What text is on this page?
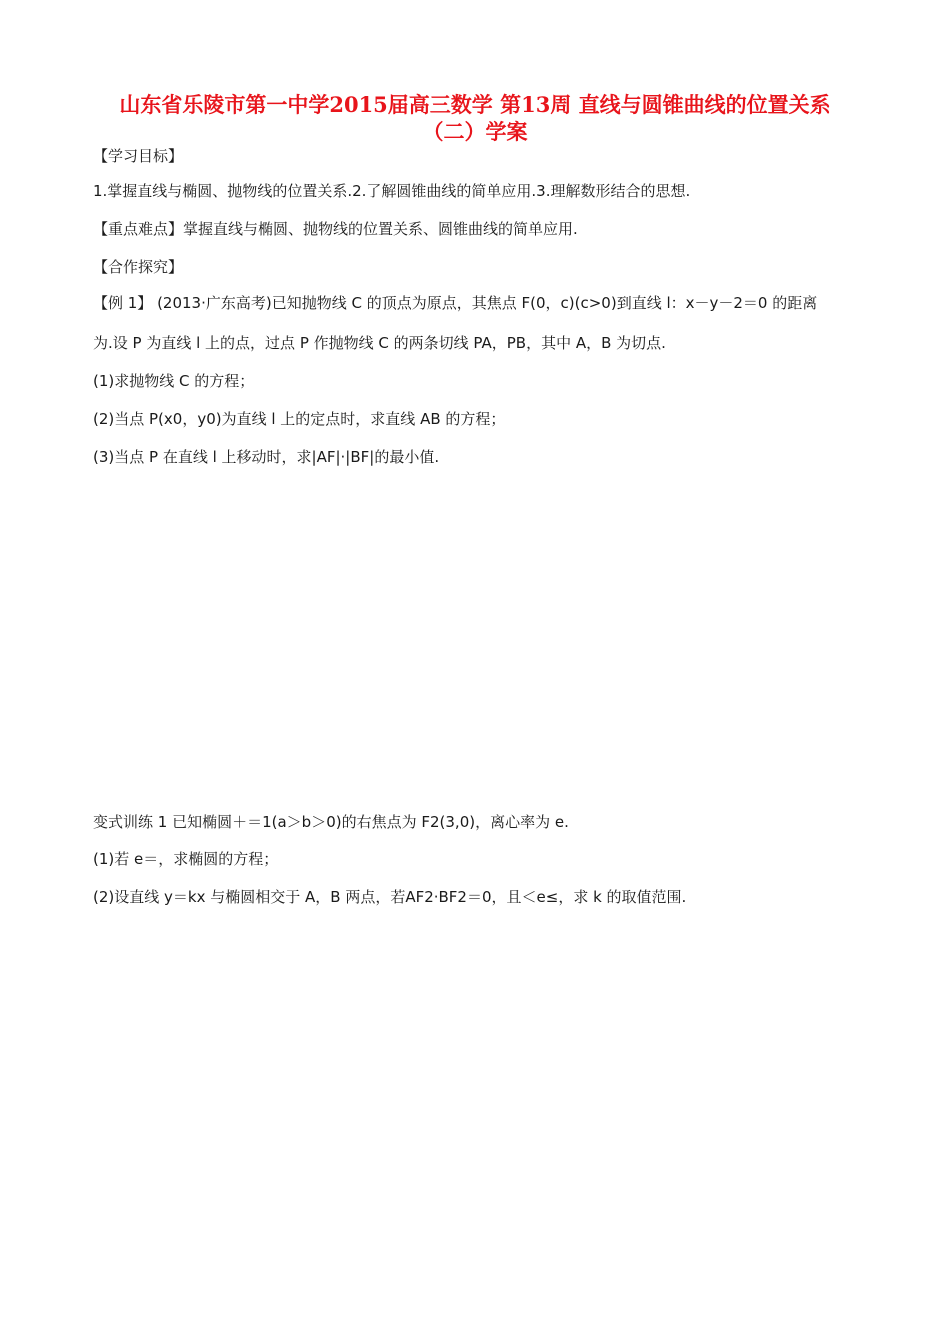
山东省乐陵市第一中学2015届高三数学 第13周 直线与圆锥曲线的位置关系
（二）学案
【学习目标】
1.掌握直线与椭圆、抛物线的位置关系.2.了解圆锥曲线的简单应用.3.理解数形结合的思想.
【重点难点】掌握直线与椭圆、抛物线的位置关系、圆锥曲线的简单应用.
【合作探究】
【例 1】 (2013·广东高考)已知抛物线 C 的顶点为原点，其焦点 F(0，c)(c>0)到直线 l：x－y－2＝0 的距离
为.设 P 为直线 l 上的点，过点 P 作抛物线 C 的两条切线 PA，PB，其中 A，B 为切点.
(1)求抛物线 C 的方程；
(2)当点 P(x0，y0)为直线 l 上的定点时，求直线 AB 的方程；
(3)当点 P 在直线 l 上移动时，求|AF|·|BF|的最小值.
变式训练 1 已知椭圆＋＝1(a＞b＞0)的右焦点为 F2(3,0)，离心率为 e.
(1)若 e＝，求椭圆的方程；
(2)设直线 y＝kx 与椭圆相交于 A，B 两点，若AF2·BF2＝0，且＜e≤，求 k 的取值范围.
